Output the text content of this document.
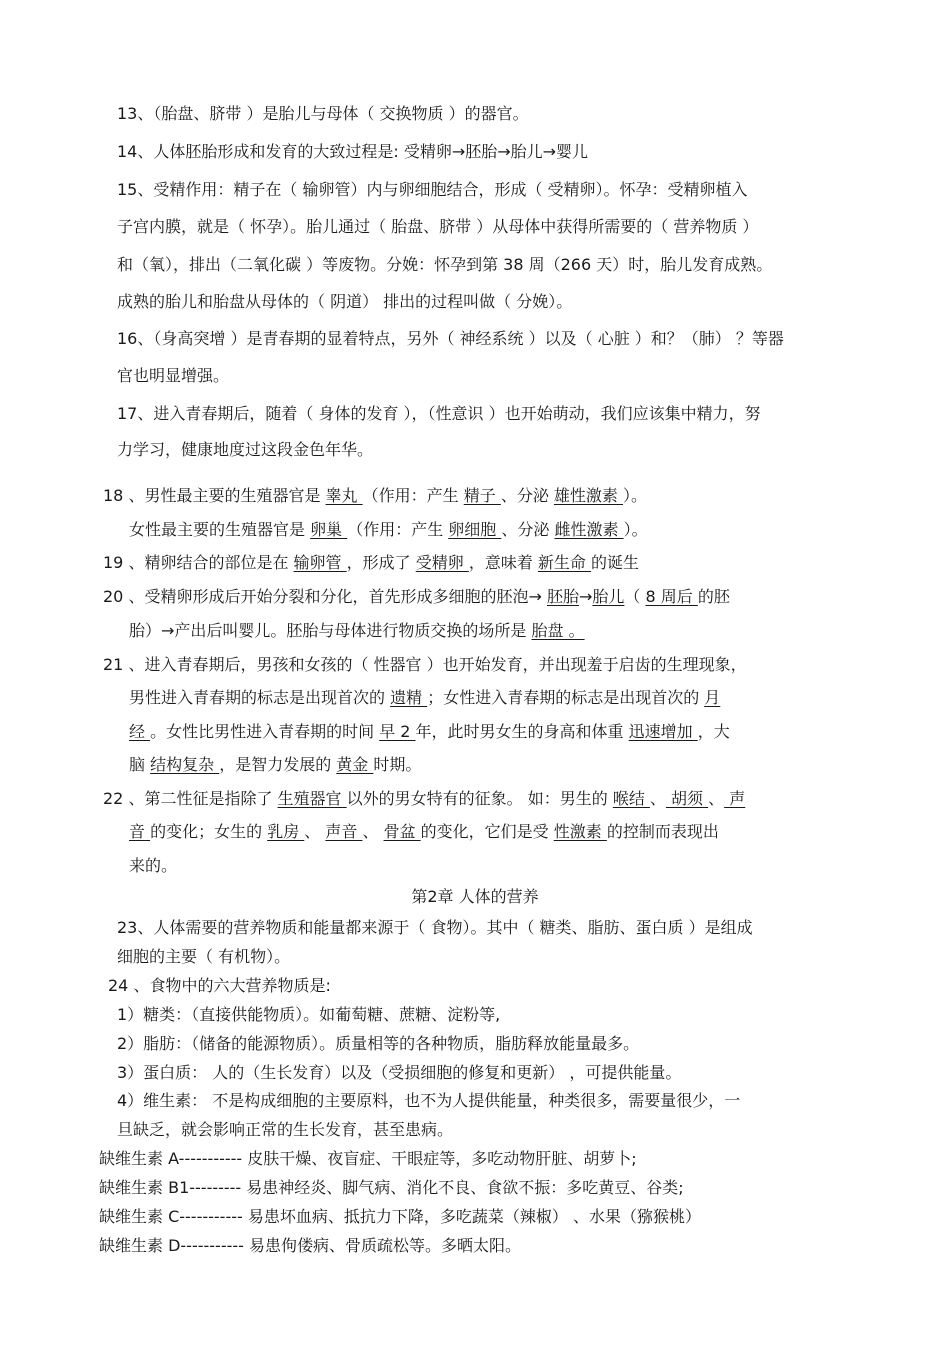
13、（胎盘、脐带 ）是胎儿与母体（ 交换物质 ）的器官。
14、人体胚胎形成和发育的大致过程是: 受精卵→胚胎→胎儿→婴儿
15、受精作用：精子在（ 输卵管）内与卵细胞结合，形成（ 受精卵）。怀孕：受精卵植入
子宫内膜，就是（ 怀孕）。胎儿通过（ 胎盘、脐带 ）从母体中获得所需要的（ 营养物质 ）
和（氧），排出（二氧化碳 ）等废物。分娩：怀孕到第 38 周（266 天）时，胎儿发育成熟。
成熟的胎儿和胎盘从母体的（ 阴道） 排出的过程叫做（ 分娩）。
16、（身高突增 ）是青春期的显着特点，另外（ 神经系统 ）以及（ 心脏 ）和？（肺） ？等器
官也明显增强。
17、进入青春期后，随着（ 身体的发育 ），（性意识 ）也开始萌动，我们应该集中精力，努
力学习，健康地度过这段金色年华。
18 、男性最主要的生殖器官是 睾丸 （作用：产生 精子 、分泌 雄性激素 ）。
女性最主要的生殖器官是 卵巢 （作用：产生 卵细胞 、分泌 雌性激素 ）。
19 、精卵结合的部位是在 输卵管 ，形成了 受精卵 ，意味着 新生命 的诞生
20 、受精卵形成后开始分裂和分化，首先形成多细胞的胚泡→ 胚胎→胎儿（ 8 周后 的胚
胎）→产出后叫婴儿。胚胎与母体进行物质交换的场所是 胎盘 。
21 、进入青春期后，男孩和女孩的（ 性器官 ）也开始发育，并出现羞于启齿的生理现象，
男性进入青春期的标志是出现首次的 遗精 ；女性进入青春期的标志是出现首次的 月
经 。女性比男性进入青春期的时间 早 2 年，此时男女生的身高和体重 迅速增加 ，大
脑 结构复杂 ，是智力发展的 黄金 时期。
22 、第二性征是指除了 生殖器官 以外的男女特有的征象。 如：男生的 喉结 、 胡须 、 声
音 的变化；女生的 乳房 、 声音 、 骨盆 的变化，它们是受 性激素 的控制而表现出
来的。
第2章 人体的营养
23、人体需要的营养物质和能量都来源于（ 食物）。其中（ 糖类、脂肪、蛋白质 ）是组成
细胞的主要（ 有机物）。
24 、食物中的六大营养物质是:
1）糖类：（直接供能物质）。如葡萄糖、蔗糖、淀粉等,
2）脂肪：（储备的能源物质）。质量相等的各种物质，脂肪释放能量最多。
3）蛋白质： 人的（生长发育）以及（受损细胞的修复和更新） ，可提供能量。
4）维生素： 不是构成细胞的主要原料，也不为人提供能量，种类很多，需要量很少，一
旦缺乏，就会影响正常的生长发育，甚至患病。
缺维生素 A----------- 皮肤干燥、夜盲症、干眼症等，多吃动物肝脏、胡萝卜;
缺维生素 B1--------- 易患神经炎、脚气病、消化不良、食欲不振：多吃黄豆、谷类;
缺维生素 C----------- 易患坏血病、抵抗力下降，多吃蔬菜（辣椒） 、水果（猕猴桃）
缺维生素 D----------- 易患佝偻病、骨质疏松等。多晒太阳。
